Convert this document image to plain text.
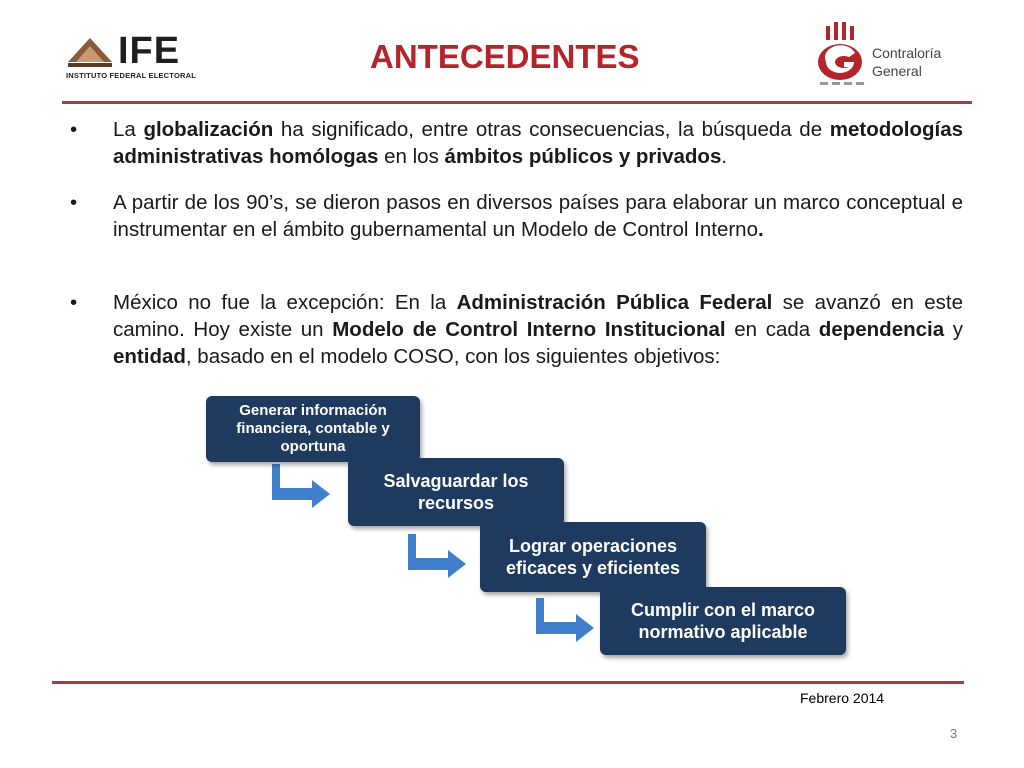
IFE
INSTITUTO FEDERAL ELECTORAL
ANTECEDENTES	Contraloría
General
• La globalización ha significado, entre otras consecuencias, la búsqueda de metodologías administrativas homólogas en los ámbitos públicos y privados.
• A partir de los 90’s, se dieron pasos en diversos países para elaborar un marco conceptual e instrumentar en el ámbito gubernamental un Modelo de Control Interno.
• México no fue la excepción: En la Administración Pública Federal se avanzó en este camino. Hoy existe un Modelo de Control Interno Institucional en cada dependencia y entidad, basado en el modelo COSO, con los siguientes objetivos:
Generar información financiera, contable y oportuna
Salvaguardar los recursos
Lograr operaciones eficaces y eficientes
Cumplir con el marco normativo aplicable
Febrero 2014
3
